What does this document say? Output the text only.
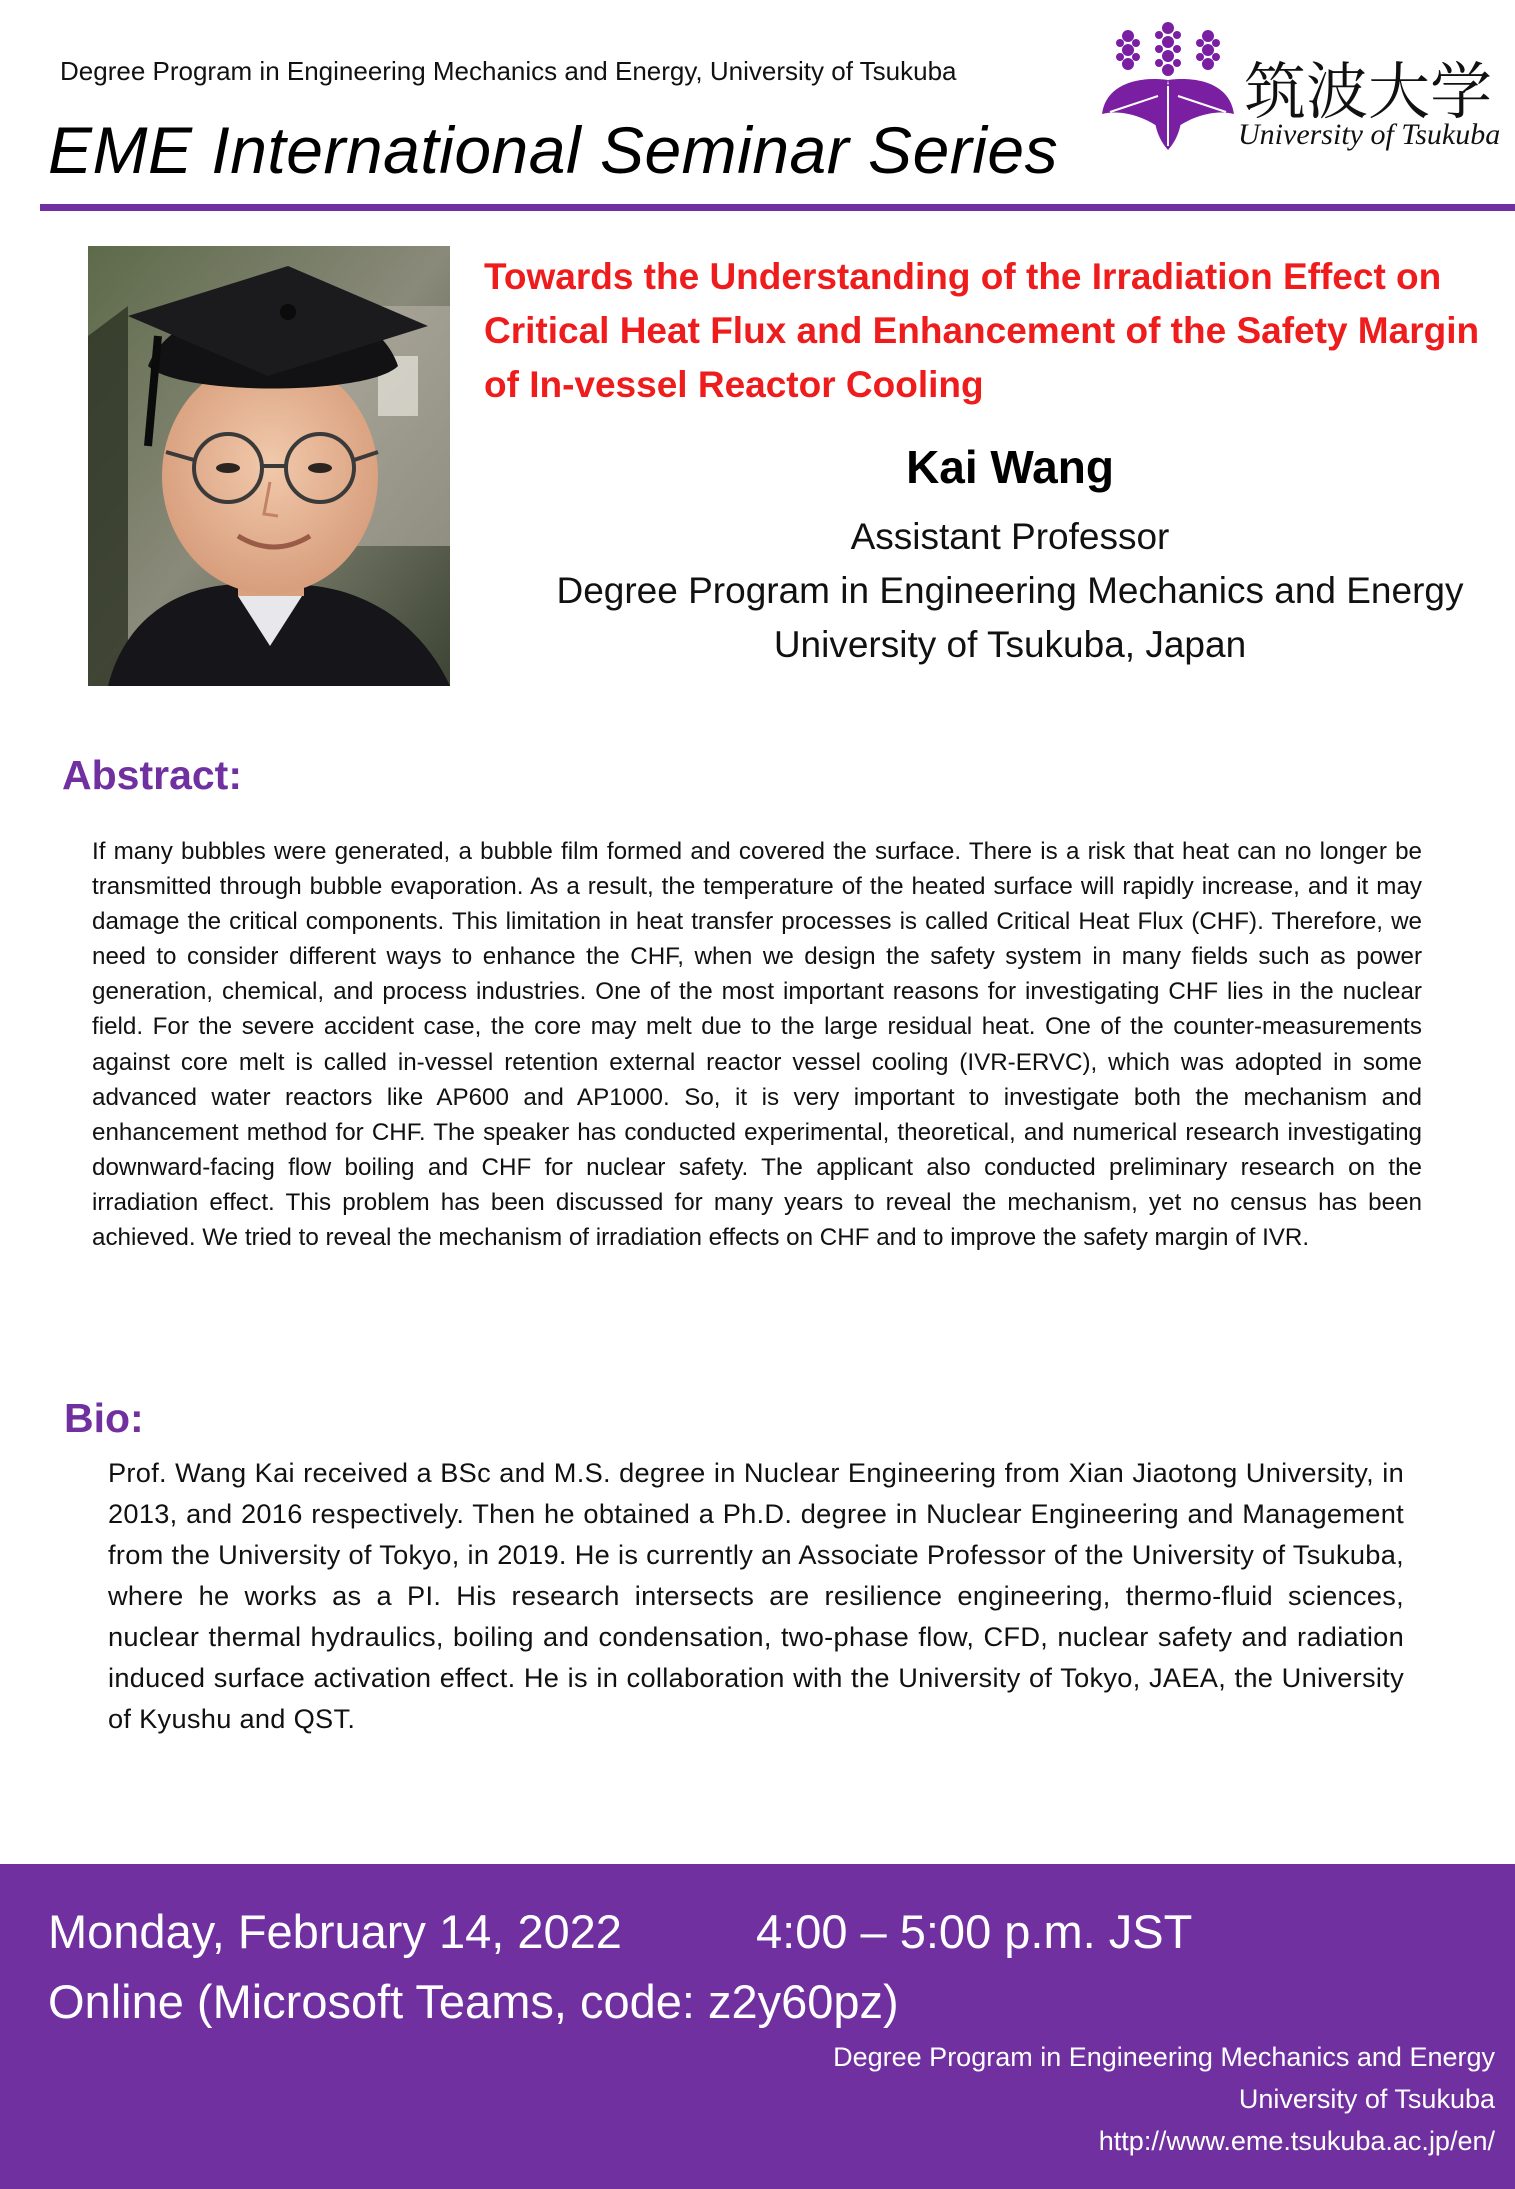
Degree Program in Engineering Mechanics and Energy, University of Tsukuba
EME International Seminar Series
筑波大学
University of Tsukuba
Towards the Understanding of the Irradiation Effect on Critical Heat Flux and Enhancement of the Safety Margin of In-vessel Reactor Cooling
Kai Wang
Assistant Professor
Degree Program in Engineering Mechanics and Energy
University of Tsukuba, Japan
Abstract:
If many bubbles were generated, a bubble film formed and covered the surface. There is a risk that heat can no longer be transmitted through bubble evaporation. As a result, the temperature of the heated surface will rapidly increase, and it may damage the critical components. This limitation in heat transfer processes is called Critical Heat Flux (CHF). Therefore, we need to consider different ways to enhance the CHF, when we design the safety system in many fields such as power generation, chemical, and process industries. One of the most important reasons for investigating CHF lies in the nuclear field. For the severe accident case, the core may melt due to the large residual heat. One of the counter-measurements against core melt is called in-vessel retention external reactor vessel cooling (IVR-ERVC), which was adopted in some advanced water reactors like AP600 and AP1000. So, it is very important to investigate both the mechanism and enhancement method for CHF. The speaker has conducted experimental, theoretical, and numerical research investigating downward-facing flow boiling and CHF for nuclear safety. The applicant also conducted preliminary research on the irradiation effect. This problem has been discussed for many years to reveal the mechanism, yet no census has been achieved. We tried to reveal the mechanism of irradiation effects on CHF and to improve the safety margin of IVR.
Bio:
Prof. Wang Kai received a BSc and M.S. degree in Nuclear Engineering from Xian Jiaotong University, in 2013, and 2016 respectively. Then he obtained a Ph.D. degree in Nuclear Engineering and Management from the University of Tokyo, in 2019. He is currently an Associate Professor of the University of Tsukuba, where he works as a PI. His research intersects are resilience engineering, thermo-fluid sciences, nuclear thermal hydraulics, boiling and condensation, two-phase flow, CFD, nuclear safety and radiation induced surface activation effect. He is in collaboration with the University of Tokyo, JAEA, the University of Kyushu and QST.
Monday, February 14, 2022	4:00 – 5:00 p.m. JST
Online (Microsoft Teams, code: z2y60pz)
Degree Program in Engineering Mechanics and Energy
University of Tsukuba
http://www.eme.tsukuba.ac.jp/en/
